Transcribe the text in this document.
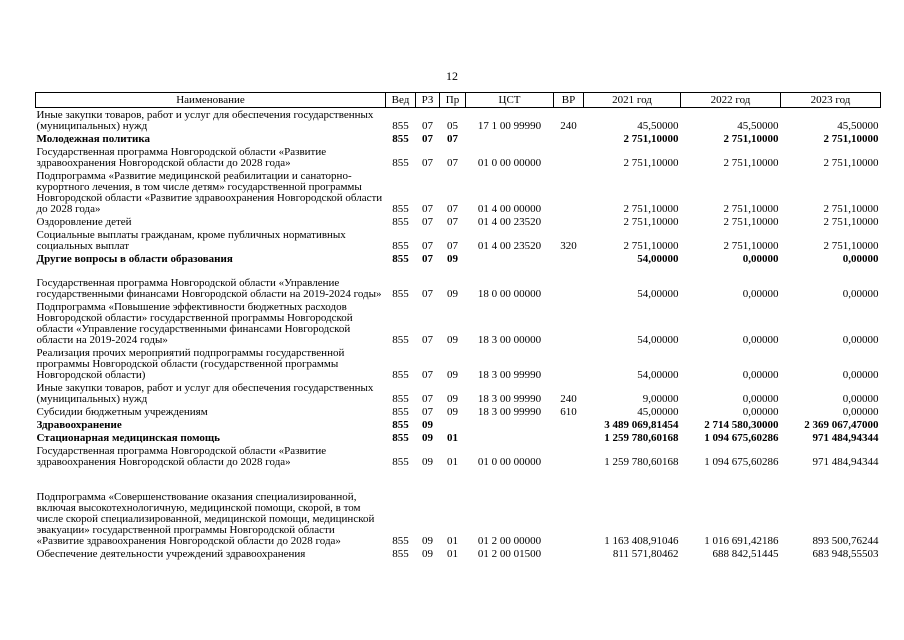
12
Наименование	Вед	РЗ	Пр	ЦСТ	ВР	2021 год	2022 год	2023 год
Иные закупки товаров, работ и услуг для обеспечения государственных (муниципальных) нужд	855	07	05	17 1 00 99990	240	45,50000	45,50000	45,50000
Молодежная политика	855	07	07			2 751,10000	2 751,10000	2 751,10000
Государственная программа Новгородской области «Развитие здравоохранения Новгородской области до 2028 года»	855	07	07	01 0 00 00000		2 751,10000	2 751,10000	2 751,10000
Подпрограмма «Развитие медицинской реабилитации и санаторно-курортного лечения, в том числе детям» государственной программы Новгородской области «Развитие здравоохранения Новгородской области до 2028 года»	855	07	07	01 4 00 00000		2 751,10000	2 751,10000	2 751,10000
Оздоровление детей	855	07	07	01 4 00 23520		2 751,10000	2 751,10000	2 751,10000
Социальные выплаты гражданам, кроме публичных нормативных социальных выплат	855	07	07	01 4 00 23520	320	2 751,10000	2 751,10000	2 751,10000
Другие вопросы в области образования	855	07	09			54,00000	0,00000	0,00000
Государственная программа Новгородской области «Управление государственными финансами Новгородской области на 2019-2024 годы»	855	07	09	18 0 00 00000		54,00000	0,00000	0,00000
Подпрограмма «Повышение эффективности бюджетных расходов Новгородской области» государственной программы Новгородской области «Управление государственными финансами Новгородской области на 2019-2024 годы»	855	07	09	18 3 00 00000		54,00000	0,00000	0,00000
Реализация прочих мероприятий подпрограммы государственной программы Новгородской области (государственной программы Новгородской области)	855	07	09	18 3 00 99990		54,00000	0,00000	0,00000
Иные закупки товаров, работ и услуг для обеспечения государственных (муниципальных) нужд	855	07	09	18 3 00 99990	240	9,00000	0,00000	0,00000
Субсидии бюджетным учреждениям	855	07	09	18 3 00 99990	610	45,00000	0,00000	0,00000
Здравоохранение	855	09				3 489 069,81454	2 714 580,30000	2 369 067,47000
Стационарная медицинская помощь	855	09	01			1 259 780,60168	1 094 675,60286	971 484,94344
Государственная программа Новгородской области «Развитие здравоохранения Новгородской области до 2028 года»	855	09	01	01 0 00 00000		1 259 780,60168	1 094 675,60286	971 484,94344
Подпрограмма «Совершенствование оказания специализированной, включая высокотехнологичную, медицинской помощи, скорой, в том числе скорой специализированной, медицинской помощи, медицинской эвакуации» государственной программы Новгородской области «Развитие здравоохранения Новгородской области до 2028 года»	855	09	01	01 2 00 00000		1 163 408,91046	1 016 691,42186	893 500,76244
Обеспечение деятельности учреждений здравоохранения	855	09	01	01 2 00 01500		811 571,80462	688 842,51445	683 948,55503
